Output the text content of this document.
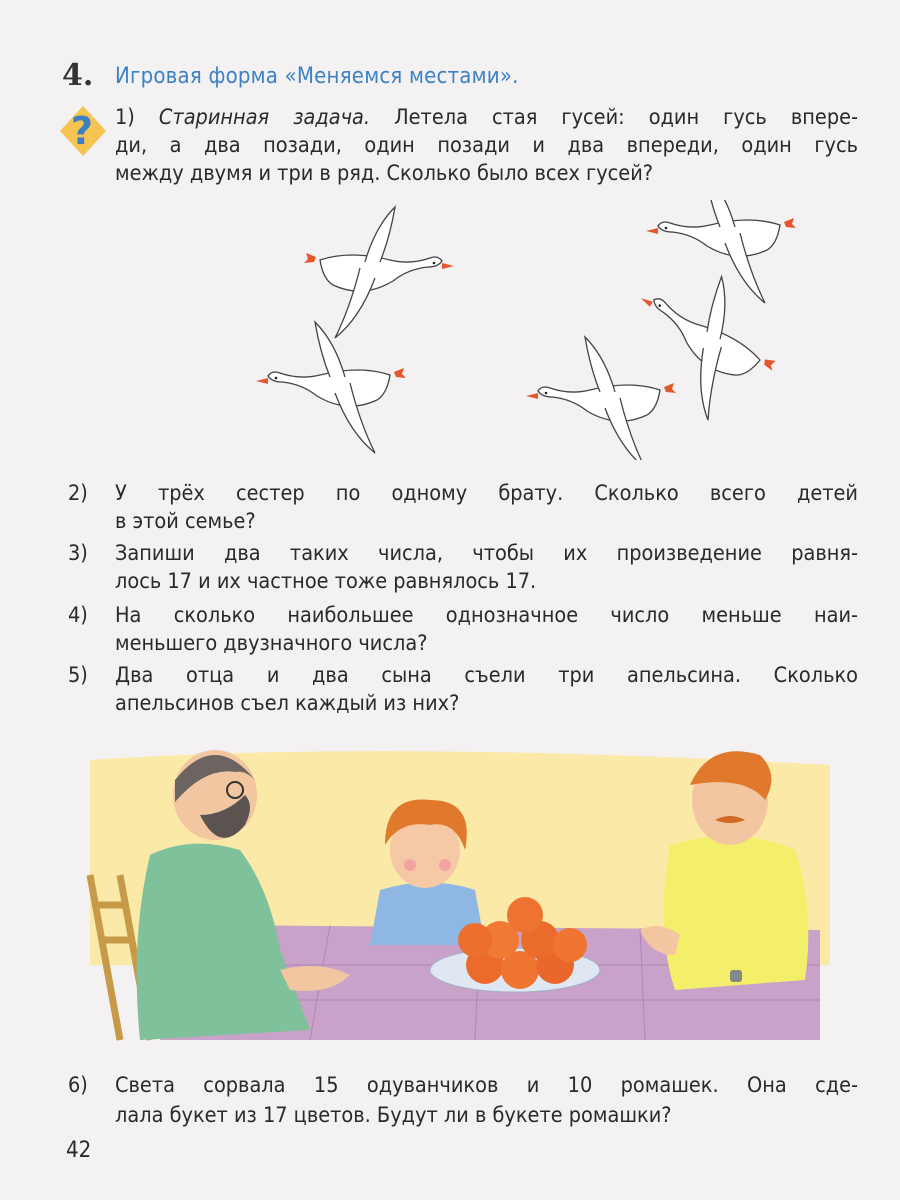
4. Игровая форма «Меняемся местами».
? 1) Старинная задача. Летела стая гусей: один гусь впере-
ди, а два позади, один позади и два впереди, один гусь
между двумя и три в ряд. Сколько было всех гусей?
2) У трёх сестер по одному брату. Сколько всего детей
в этой семье?
3) Запиши два таких числа, чтобы их произведение равня-
лось 17 и их частное тоже равнялось 17.
4) На сколько наибольшее однозначное число меньше наи-
меньшего двузначного числа?
5) Два отца и два сына съели три апельсина. Сколько
апельсинов съел каждый из них?
6) Света сорвала 15 одуванчиков и 10 ромашек. Она сде-
лала букет из 17 цветов. Будут ли в букете ромашки?
42
